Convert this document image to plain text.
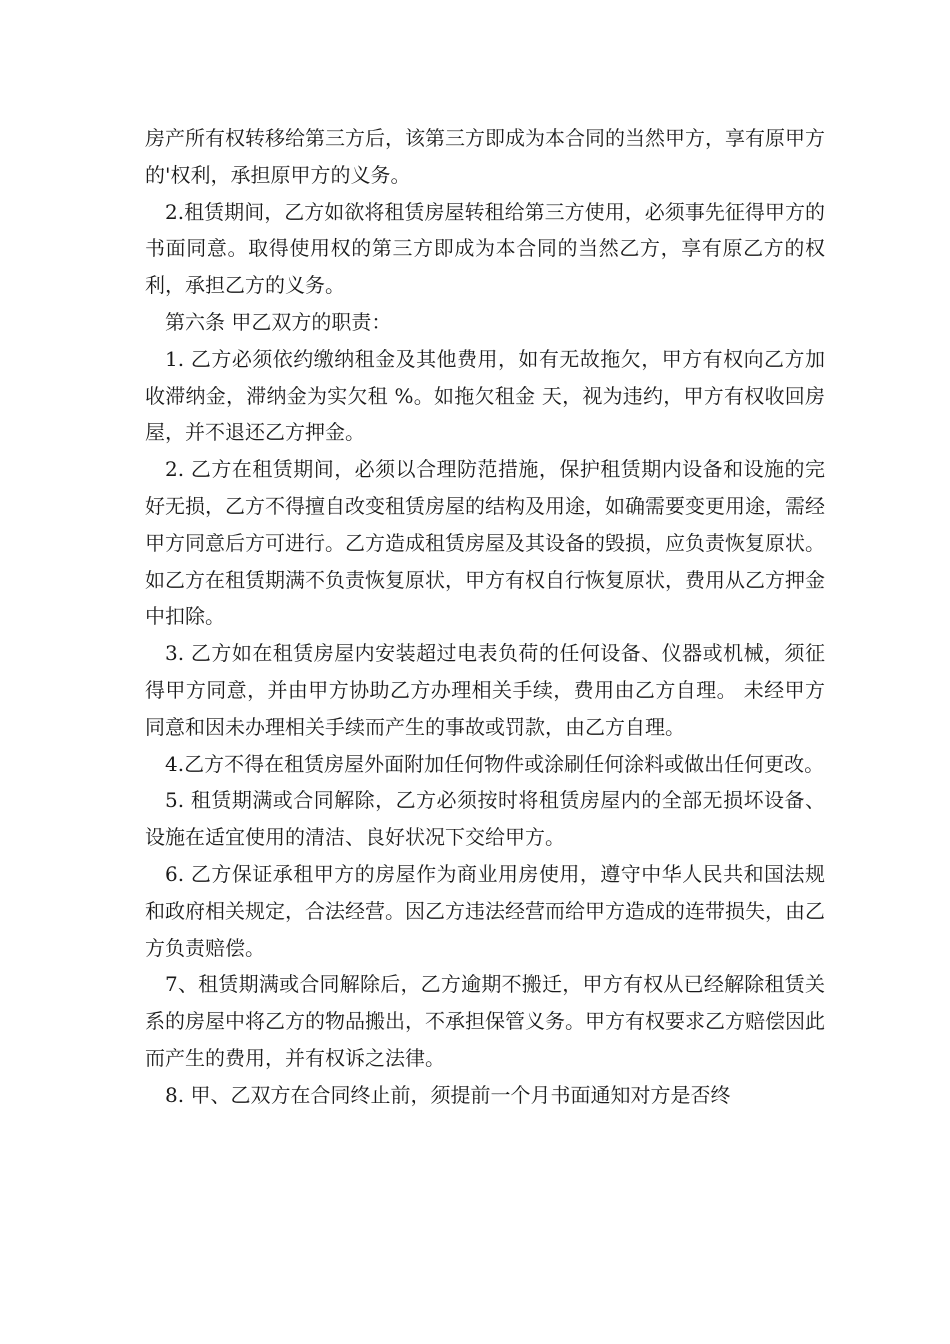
房产所有权转移给第三方后，该第三方即成为本合同的当然甲方，享有原甲方的'权利，承担原甲方的义务。

2.租赁期间，乙方如欲将租赁房屋转租给第三方使用，必须事先征得甲方的书面同意。取得使用权的第三方即成为本合同的当然乙方，享有原乙方的权利，承担乙方的义务。

第六条 甲乙双方的职责：

1. 乙方必须依约缴纳租金及其他费用，如有无故拖欠，甲方有权向乙方加收滞纳金，滞纳金为实欠租 %。如拖欠租金 天，视为违约，甲方有权收回房屋，并不退还乙方押金。

2. 乙方在租赁期间，必须以合理防范措施，保护租赁期内设备和设施的完好无损，乙方不得擅自改变租赁房屋的结构及用途，如确需要变更用途，需经甲方同意后方可进行。乙方造成租赁房屋及其设备的毁损，应负责恢复原状。如乙方在租赁期满不负责恢复原状，甲方有权自行恢复原状，费用从乙方押金中扣除。

3. 乙方如在租赁房屋内安装超过电表负荷的任何设备、仪器或机械，须征得甲方同意，并由甲方协助乙方办理相关手续，费用由乙方自理。 未经甲方同意和因未办理相关手续而产生的事故或罚款，由乙方自理。

4.乙方不得在租赁房屋外面附加任何物件或涂刷任何涂料或做出任何更改。

5. 租赁期满或合同解除，乙方必须按时将租赁房屋内的全部无损坏设备、设施在适宜使用的清洁、良好状况下交给甲方。

6. 乙方保证承租甲方的房屋作为商业用房使用，遵守中华人民共和国法规和政府相关规定，合法经营。因乙方违法经营而给甲方造成的连带损失，由乙方负责赔偿。

7、租赁期满或合同解除后，乙方逾期不搬迁，甲方有权从已经解除租赁关系的房屋中将乙方的物品搬出，不承担保管义务。甲方有权要求乙方赔偿因此而产生的费用，并有权诉之法律。

8. 甲、乙双方在合同终止前，须提前一个月书面通知对方是否终
